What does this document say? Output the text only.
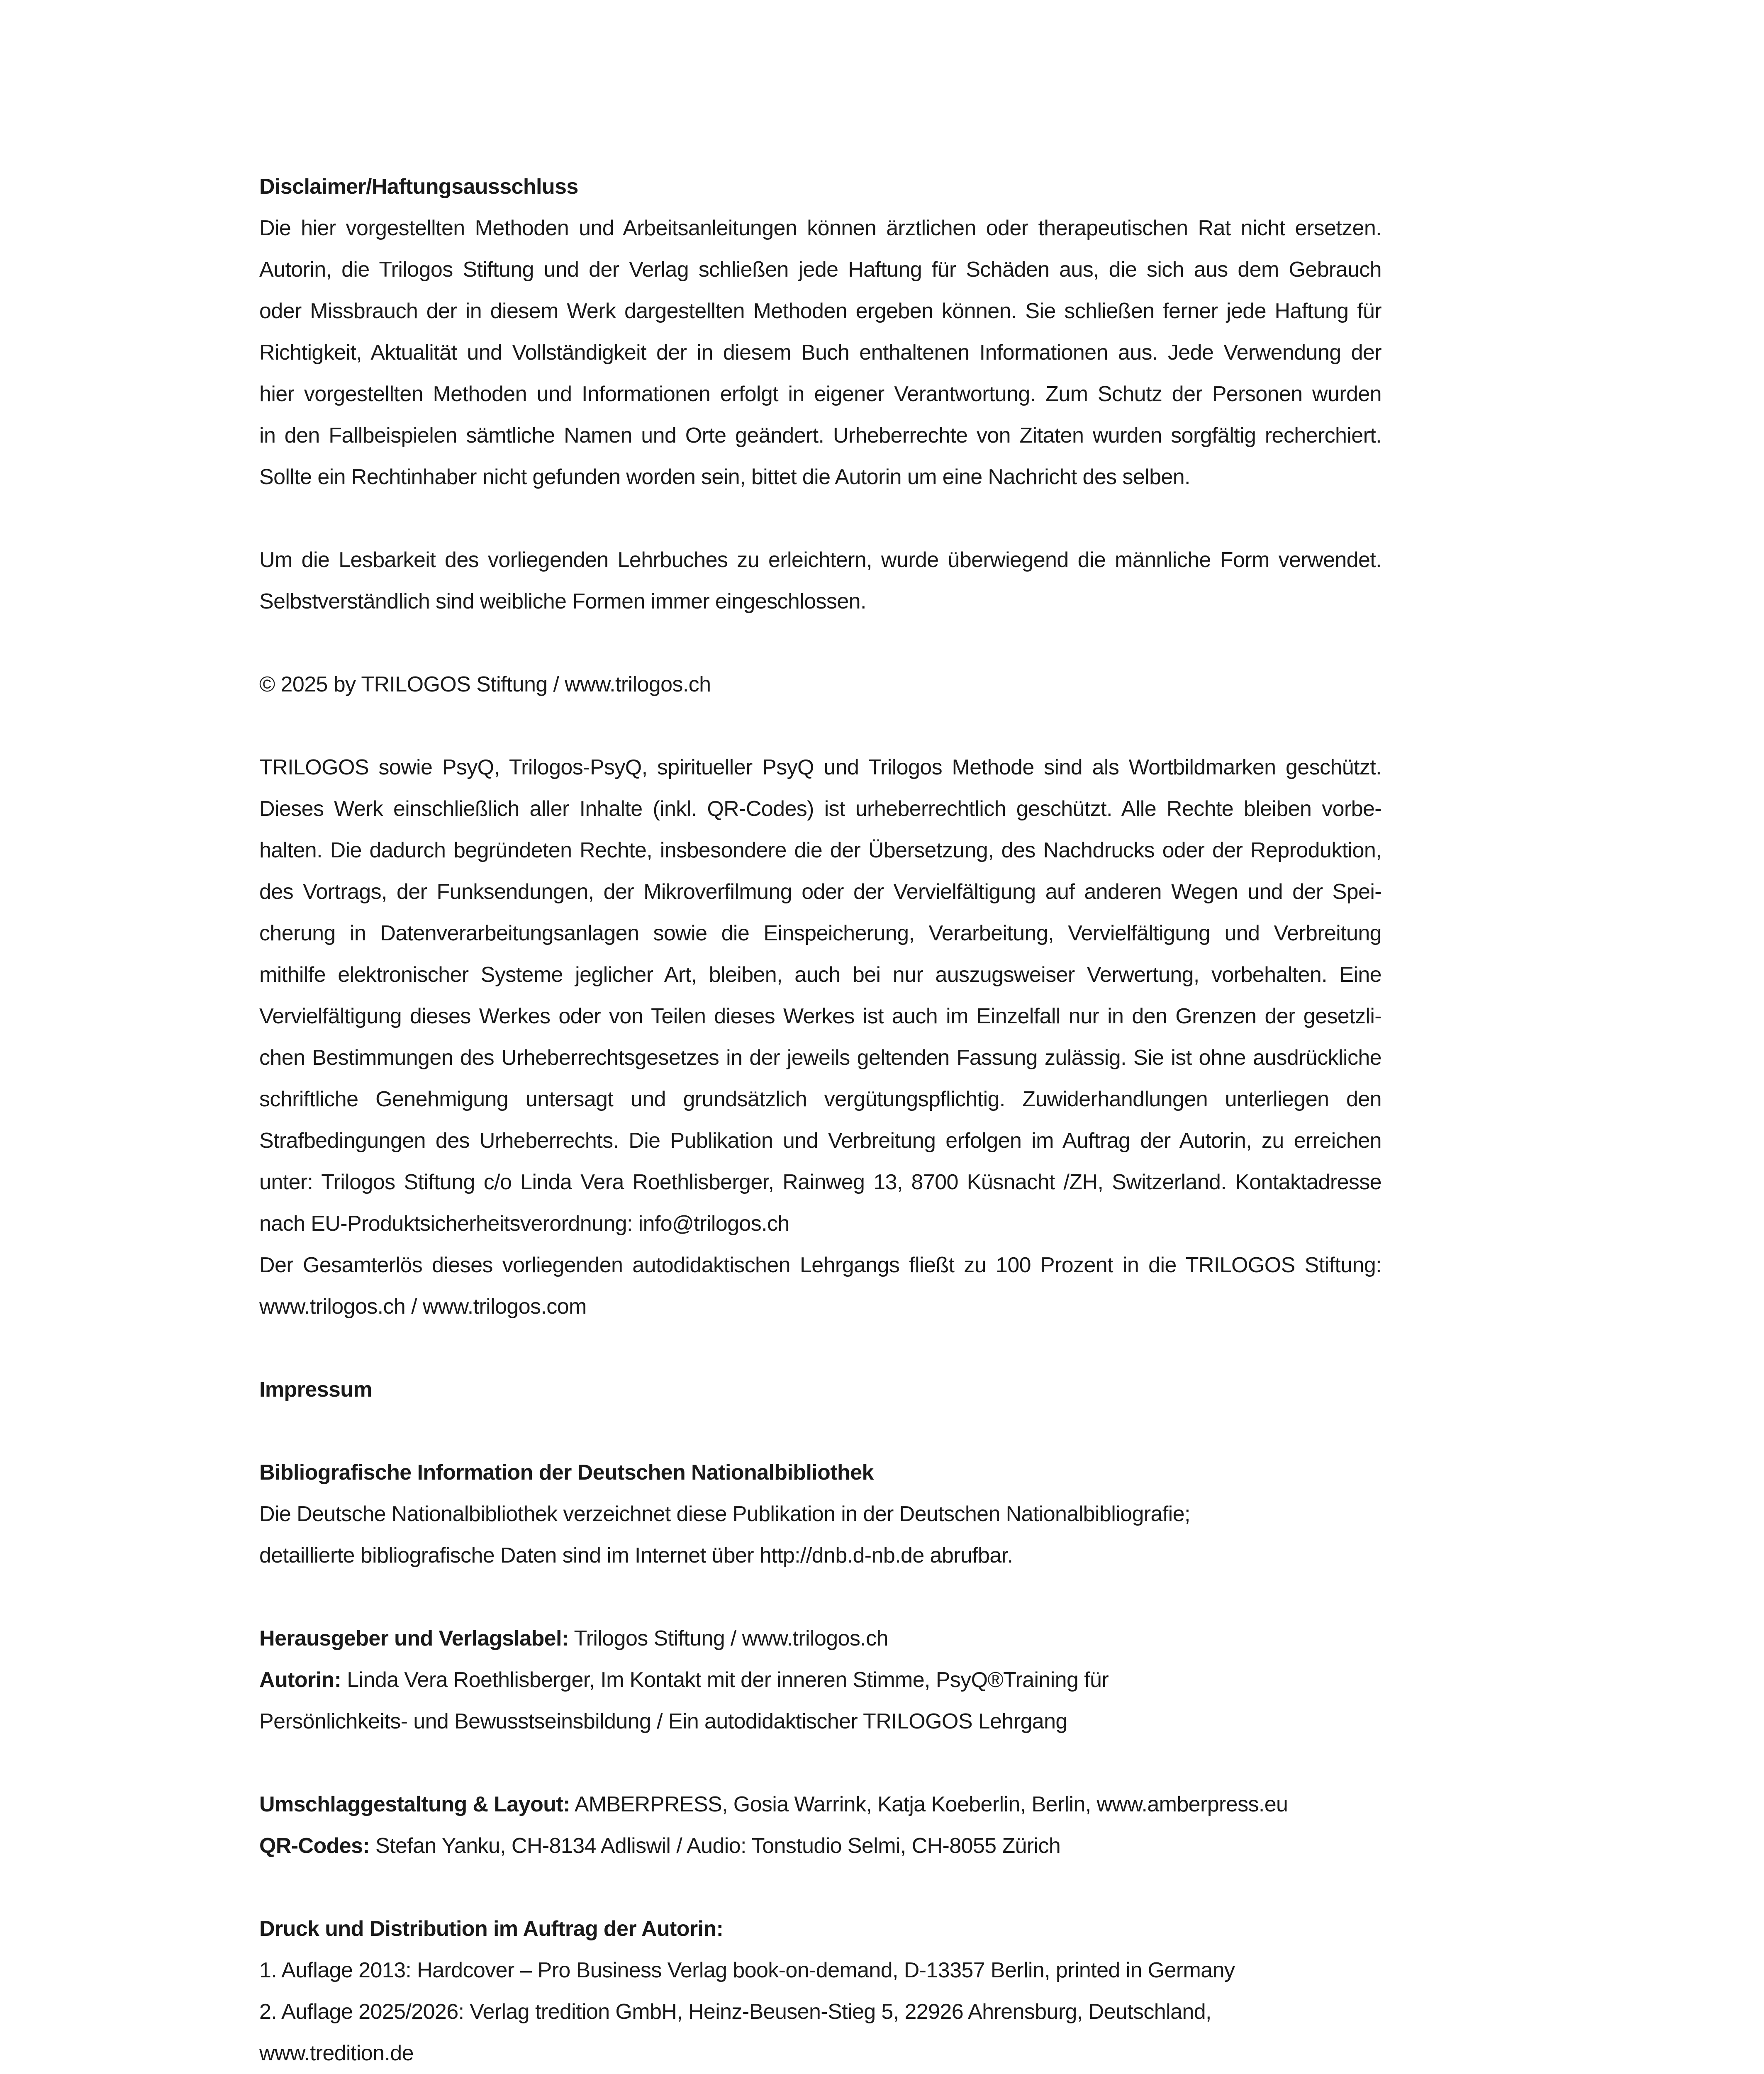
Disclaimer/Haftungsausschluss
Die hier vorgestellten Methoden und Arbeitsanleitungen können ärztlichen oder therapeutischen Rat nicht ersetzen.
Autorin, die Trilogos Stiftung und der Verlag schließen jede Haftung für Schäden aus, die sich aus dem Gebrauch
oder Missbrauch der in diesem Werk dargestellten Methoden ergeben können. Sie schließen ferner jede Haftung für
Richtigkeit, Aktualität und Vollständigkeit der in diesem Buch enthaltenen Informationen aus. Jede Verwendung der
hier vorgestellten Methoden und Informationen erfolgt in eigener Verantwortung. Zum Schutz der Personen wurden
in den Fallbeispielen sämtliche Namen und Orte geändert. Urheberrechte von Zitaten wurden sorgfältig recherchiert.
Sollte ein Rechtinhaber nicht gefunden worden sein, bittet die Autorin um eine Nachricht des selben.
Um die Lesbarkeit des vorliegenden Lehrbuches zu erleichtern, wurde überwiegend die männliche Form verwendet.
Selbstverständlich sind weibliche Formen immer eingeschlossen.
© 2025 by TRILOGOS Stiftung / www.trilogos.ch
TRILOGOS sowie PsyQ, Trilogos-PsyQ, spiritueller PsyQ und Trilogos Methode sind als Wortbildmarken geschützt.
Dieses Werk einschließlich aller Inhalte (inkl. QR-Codes) ist urheberrechtlich geschützt. Alle Rechte bleiben vorbe-
halten. Die dadurch begründeten Rechte, insbesondere die der Übersetzung, des Nachdrucks oder der Reproduktion,
des Vortrags, der Funksendungen, der Mikroverfilmung oder der Vervielfältigung auf anderen Wegen und der Spei-
cherung in Datenverarbeitungsanlagen sowie die Einspeicherung, Verarbeitung, Vervielfältigung und Verbreitung
mithilfe elektronischer Systeme jeglicher Art, bleiben, auch bei nur auszugsweiser Verwertung, vorbehalten. Eine
Vervielfältigung dieses Werkes oder von Teilen dieses Werkes ist auch im Einzelfall nur in den Grenzen der gesetzli-
chen Bestimmungen des Urheberrechtsgesetzes in der jeweils geltenden Fassung zulässig. Sie ist ohne ausdrückliche
schriftliche Genehmigung untersagt und grundsätzlich vergütungspflichtig. Zuwiderhandlungen unterliegen den
Strafbedingungen des Urheberrechts. Die Publikation und Verbreitung erfolgen im Auftrag der Autorin, zu erreichen
unter: Trilogos Stiftung c/o Linda Vera Roethlisberger, Rainweg 13, 8700 Küsnacht /ZH, Switzerland. Kontaktadresse
nach EU-Produktsicherheitsverordnung: info@trilogos.ch
Der Gesamterlös dieses vorliegenden autodidaktischen Lehrgangs fließt zu 100 Prozent in die TRILOGOS Stiftung:
www.trilogos.ch / www.trilogos.com
Impressum
Bibliografische Information der Deutschen Nationalbibliothek
Die Deutsche Nationalbibliothek verzeichnet diese Publikation in der Deutschen Nationalbibliografie;
detaillierte bibliografische Daten sind im Internet über http://dnb.d-nb.de abrufbar.
Herausgeber und Verlagslabel: Trilogos Stiftung / www.trilogos.ch
Autorin: Linda Vera Roethlisberger, Im Kontakt mit der inneren Stimme, PsyQ®Training für
Persönlichkeits- und Bewusstseinsbildung / Ein autodidaktischer TRILOGOS Lehrgang
Umschlaggestaltung & Layout: AMBERPRESS, Gosia Warrink, Katja Koeberlin, Berlin, www.amberpress.eu
QR-Codes: Stefan Yanku, CH-8134 Adliswil / Audio: Tonstudio Selmi, CH-8055 Zürich
Druck und Distribution im Auftrag der Autorin:
1. Auflage 2013: Hardcover – Pro Business Verlag book-on-demand, D-13357 Berlin, printed in Germany
2. Auflage 2025/2026: Verlag tredition GmbH, Heinz-Beusen-Stieg 5, 22926 Ahrensburg, Deutschland,
www.tredition.de
